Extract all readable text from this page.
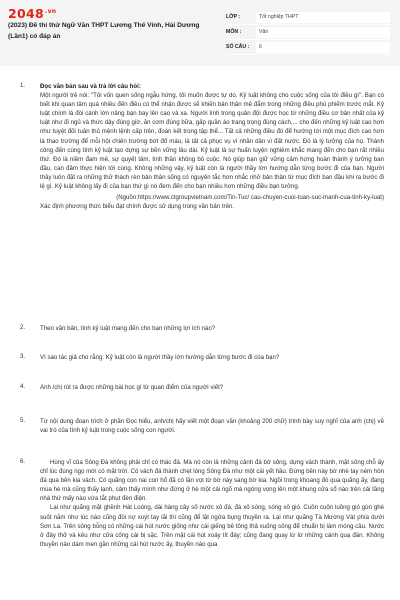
$2048^{.vn}$
(2023) Đề thi thử Ngữ Văn THPT Lương Thế Vinh, Hải Dương (Lần1) có đáp án
LỚP :	Tốt nghiệp THPT
MÔN :	Văn
SỐ CÂU :	6
1. Đọc văn bản sau và trả lời câu hỏi:
Một người trẻ nói: "Tôi vốn quen sống ngẫu hứng, tôi muốn được tự do. Kỷ luật không cho cuộc sống của tôi điều gì". Bạn có biết khi quan tâm quá nhiều đến điều có thể nhận được sẽ khiến bản thân mê đắm trong những điều phù phiếm trước mắt. Kỷ luật chính là đòi cánh lớn nâng bạn bay lên cao và xa. Người lính trong quân đội được học từ những điều cơ bản nhất của kỷ luật như đi ngủ và thức dậy đúng giờ, ăn cơm đúng bữa, gấp quần áo trang trọng đúng cách,... cho đến những kỷ luật cao hơn như tuyệt đối tuân thủ mệnh lệnh cấp trên, đoàn kết trong tập thể... Tất cả những điều đó để hướng tới một mục đích cao hơn là thao trường để mỗi hội chiến trường bớt đổ máu, là tất cả phục vụ vì nhân dân vì đất nước. Đó là lý tưởng của họ. Thành công đến cùng tính kỷ luật tạo dựng sự bền vững lâu dài. Kỷ luật là sự huấn luyện nghiêm khắc mang đến cho bạn rất nhiều thứ. Đó là niềm đam mê, sự quyết tâm, tinh thần không bỏ cuộc. Nó giúp bạn giữ vững cảm hứng hoàn thành ý tưởng ban đầu, can đảm thực hiện tới cùng. Không những vậy, kỷ luật còn là người thầy lớn hướng dẫn từng bước đi của bạn. Người thầy luôn đặt ra những thử thách rèn bản thân sống có nguyên tắc hơn nhắc nhở bản thân từ mục đích ban đầu khi ra bước đi lệ gì. Kỷ luật không lấy đi của bạn thứ gì nó đem đến cho bạn nhiều hơn những điều bạn tưởng.
(Nguồn:https://www.ctgroupvietnam.com/Tin-Tuc/ cau-chuyen-cuoi-tuan-suc-manh-cua-tinh-ky-luat)
Xác định phương thức biểu đạt chính được sử dụng trong văn bản trên.
2. Theo văn bản, tính kỷ luật mang đến cho bạn những lợi ích nào?
3. Vì sao tác giả cho rằng: Kỷ luật còn là người thầy lớn hướng dẫn từng bước đi của bạn?
4. Anh /chị rút ra được những bài học gì từ quan điểm của người viết?
5. Từ nội dung đoạn trích ở phần Đọc hiểu, anh/chị hãy viết một đoạn văn (khoảng 200 chữ) trình bày suy nghĩ của anh (chị) về vai trò của tính kỷ luật trong cuộc sống con người.
6.	Hùng vĩ của Sông Đà không phải chỉ có thác đá. Mà nó còn là những cảnh đá bờ sông, dựng vách thành, mặt sông chỗ ấy chỉ lúc đúng ngọ mới có mặt trời. Có vách đá thành chẹt lòng Sông Đà như một cái yết hầu. Đứng bên này bờ nhè tay ném hòn đá qua bên kia vách. Có quãng con nai con hổ đã có lần vọt từ bờ này sang bờ kia. Ngồi trong khoang đò qua quãng ấy, đang mùa hè mà cũng thấy lạnh, cảm thấy mình như đứng ở hè một cái ngõ mà ngóng vọng lên một khung cửa sổ nào trên cái tầng nhà thứ mấy nào vừa tắt phụt đèn điện.

Lại như quãng mặt ghềnh Hát Loóng, dài hàng cây số nước xô đá, đá xô sóng, sóng xô gió. Cuồn cuộn luồng gió gùn ghè suốt năm như lúc nào cũng đòi nợ xuýt tay lãi thì cũng để lật ngửa bụng thuyền ra. Lại như quãng Tà Mường Vát phía dưới Sơn La. Trên sông bỗng có những cái hút nước giống như cái giếng bê tông thả xuống sông để chuẩn bị làm móng cầu. Nước ở đây thở và kêu như cửa cống cái bị sặc. Trên mặt cái hút xoáy tít đáy; cũng đang quay lừ lừ những cánh quạ đàn. Không thuyền nào dám men gần những cái hút nước ấy, thuyền nào qua
